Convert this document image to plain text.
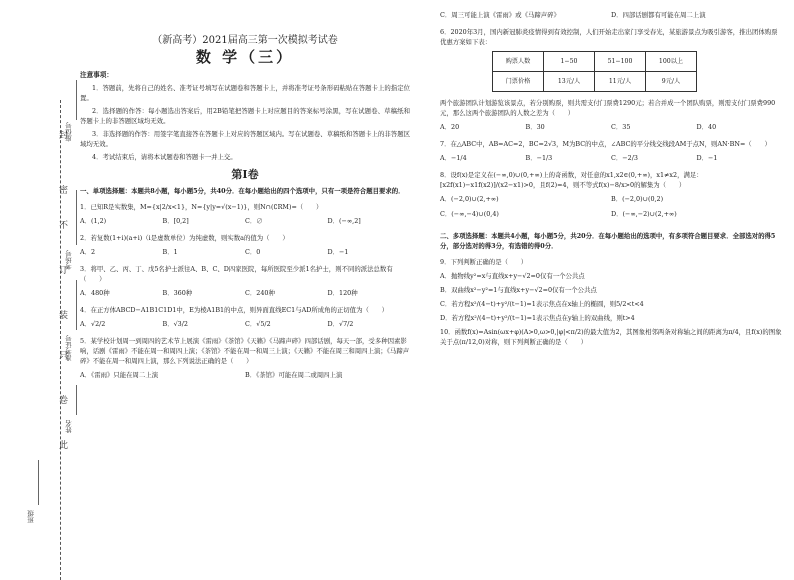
封
密
不
订
装
只
卷
此
座位号
考场号
准考证号
姓名
班级
（新高考）2021届高三第一次模拟考试卷
数 学（三）
注意事项：
1．答题前，先将自己的姓名、准考证号填写在试题卷和答题卡上，并将准考证号条形码粘贴在答题卡上的指定位置。
2．选择题的作答：每小题选出答案后，用2B铅笔把答题卡上对应题目的答案标号涂黑，写在试题卷、草稿纸和答题卡上的非答题区域均无效。
3．非选择题的作答：用签字笔直接答在答题卡上对应的答题区域内。写在试题卷、草稿纸和答题卡上的非答题区域均无效。
4．考试结束后，请将本试题卷和答题卡一并上交。
第Ⅰ卷
一、单项选择题：本题共8小题，每小题5分，共40分．在每小题给出的四个选项中，只有一项是符合题目要求的．
1．已知R是实数集，M={x|2/x<1}，N={y|y=√(x−1)}，则N∩(∁RM)=（　　）
A．(1,2)	B．[0,2]	C．∅	D．(−∞,2]
2．若复数(1+i)(a+i)（i是虚数单位）为纯虚数，则实数a的值为（　　）
A．2	B．1	C．0	D．−1
3．将甲、乙、丙、丁、戊5名护士派往A、B、C、D四家医院，每所医院至少派1名护士，则不同的派法总数有（　　）
A．480种	B．360种	C．240种	D．120种
4．在正方体ABCD−A1B1C1D1中，E为棱A1B1的中点，则异面直线EC1与AD所成角的正切值为（　　）
A．√2/2	B．√3/2	C．√5/2	D．√7/2
5．某学校计划周一到周四的艺术节上展演《雷雨》《茶馆》《天籁》《马蹄声碎》四部话剧，每天一部，受多种因素影响，话剧《雷雨》不能在周一和周四上演；《茶馆》不能在周一和周三上演；《天籁》不能在周三和周四上演；《马蹄声碎》不能在周一和周四上演，那么下列说法正确的是（　　）
A．《雷雨》只能在周二上演	B．《茶馆》可能在周二或周四上演
C．周三可能上演《雷雨》或《马蹄声碎》	D．四部话剧都有可能在周二上演
6．2020年3月，国内新冠肺炎疫情得到有效控制，人们开始走出家门享受春光，某旅游景点为吸引游客，推出团体购票优惠方案如下表：
购票人数	1−50	51−100	100以上
门票价格	13元/人	11元/人	9元/人
两个旅游团队计划游览该景点，若分别购票，则共需支付门票费1290元；若合并成一个团队购票，则需支付门票费990元，那么这两个旅游团队的人数之差为（　　）
A．20	B．30	C．35	D．40
7．在△ABC中，AB=AC=2，BC=2√3，M为BC的中点，∠ABC的平分线交线段AM于点N，则AN·BN=（　　）
A．−1/4	B．−1/3	C．−2/3	D．−1
8．设f(x)是定义在(−∞,0)∪(0,+∞)上的奇函数，对任意的x1,x2∈(0,+∞)，x1≠x2，满足：[x2f(x1)−x1f(x2)]/(x2−x1)>0，且f(2)=4，则不等式f(x)−8/x>0的解集为（　　）
A．(−2,0)∪(2,+∞)	B．(−2,0)∪(0,2)
C．(−∞,−4)∪(0,4)	D．(−∞,−2)∪(2,+∞)
二、多项选择题：本题共4小题，每小题5分，共20分．在每小题给出的选项中，有多项符合题目要求．全部选对的得5分，部分选对的得3分，有选错的得0分．
9．下列判断正确的是（　　）
A．抛物线y²=x与直线x+y−√2=0仅有一个公共点
B．双曲线x²−y²=1与直线x+y−√2=0仅有一个公共点
C．若方程x²/(4−t)+y²/(t−1)=1表示焦点在x轴上的椭圆，则5/2<t<4
D．若方程x²/(4−t)+y²/(t−1)=1表示焦点在y轴上的双曲线，则t>4
10．函数f(x)=Asin(ωx+φ)(A>0,ω>0,|φ|<π/2)的最大值为2，其图象相邻两条对称轴之间的距离为π/4，且f(x)的图象关于点(π/12,0)对称，则下列判断正确的是（　　）
